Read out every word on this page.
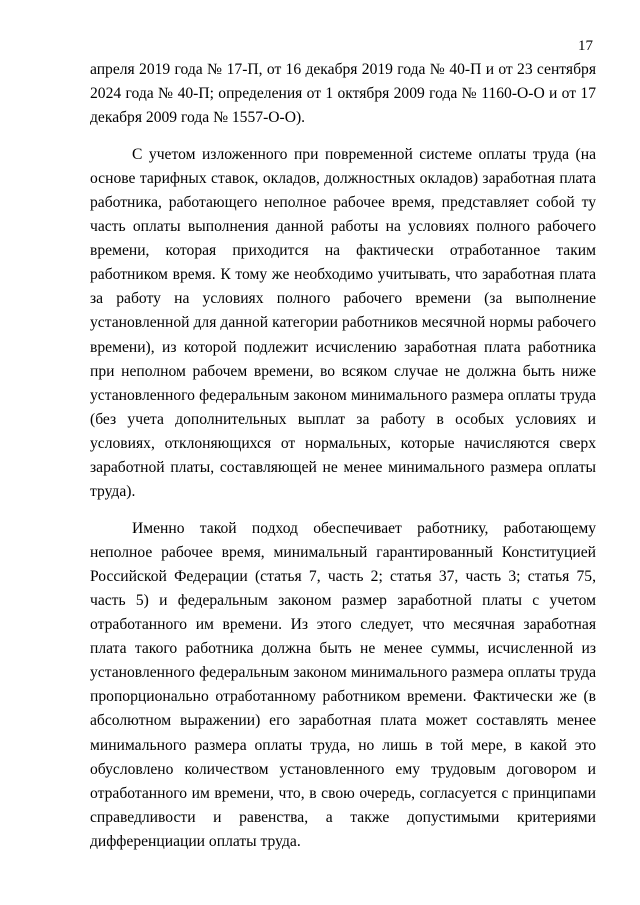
17

апреля 2019 года № 17-П, от 16 декабря 2019 года № 40-П и от 23 сентября 2024 года № 40-П; определения от 1 октября 2009 года № 1160-О-О и от 17 декабря 2009 года № 1557-О-О).

С учетом изложенного при повременной системе оплаты труда (на основе тарифных ставок, окладов, должностных окладов) заработная плата работника, работающего неполное рабочее время, представляет собой ту часть оплаты выполнения данной работы на условиях полного рабочего времени, которая приходится на фактически отработанное таким работником время. К тому же необходимо учитывать, что заработная плата за работу на условиях полного рабочего времени (за выполнение установленной для данной категории работников месячной нормы рабочего времени), из которой подлежит исчислению заработная плата работника при неполном рабочем времени, во всяком случае не должна быть ниже установленного федеральным законом минимального размера оплаты труда (без учета дополнительных выплат за работу в особых условиях и условиях, отклоняющихся от нормальных, которые начисляются сверх заработной платы, составляющей не менее минимального размера оплаты труда).

Именно такой подход обеспечивает работнику, работающему неполное рабочее время, минимальный гарантированный Конституцией Российской Федерации (статья 7, часть 2; статья 37, часть 3; статья 75, часть 5) и федеральным законом размер заработной платы с учетом отработанного им времени. Из этого следует, что месячная заработная плата такого работника должна быть не менее суммы, исчисленной из установленного федеральным законом минимального размера оплаты труда пропорционально отработанному работником времени. Фактически же (в абсолютном выражении) его заработная плата может составлять менее минимального размера оплаты труда, но лишь в той мере, в какой это обусловлено количеством установленного ему трудовым договором и отработанного им времени, что, в свою очередь, согласуется с принципами справедливости и равенства, а также допустимыми критериями дифференциации оплаты труда.
